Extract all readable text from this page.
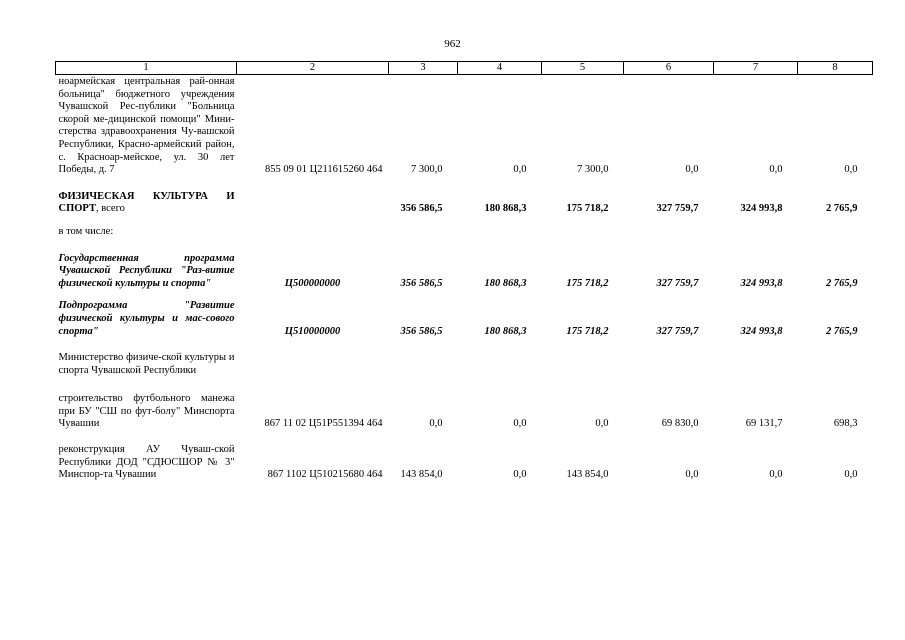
962
1	2	3	4	5	6	7	8
ноармейская центральная рай-онная больница" бюджетного учреждения Чувашской Рес-публики "Больница скорой ме-дицинской помощи" Мини-стерства здравоохранения Чу-вашской Республики, Красно-армейский район, с. Красноар-мейское, ул. 30 лет Победы, д. 7	855 09 01 Ц211615260 464	7 300,0	0,0	7 300,0	0,0	0,0	0,0

ФИЗИЧЕСКАЯ КУЛЬТУРА И СПОРТ, всего		356 586,5	180 868,3	175 718,2	327 759,7	324 993,8	2 765,9

в том числе:							

Государственная программа Чувашской Республики "Раз-витие физической культуры и спорта"	Ц500000000	356 586,5	180 868,3	175 718,2	327 759,7	324 993,8	2 765,9

Подпрограмма "Развитие физической культуры и мас-сового спорта"	Ц510000000	356 586,5	180 868,3	175 718,2	327 759,7	324 993,8	2 765,9

Министерство физиче-ской культуры и спорта Чувашской Республики							

строительство футбольного манежа при БУ "СШ по фут-болу" Минспорта Чувашии	867 11 02 Ц51Р551394 464	0,0	0,0	0,0	69 830,0	69 131,7	698,3

реконструкция АУ Чуваш-ской Республики ДОД "СДЮСШОР № 3" Минспор-та Чувашии	867 1102 Ц510215680 464	143 854,0	0,0	143 854,0	0,0	0,0	0,0
